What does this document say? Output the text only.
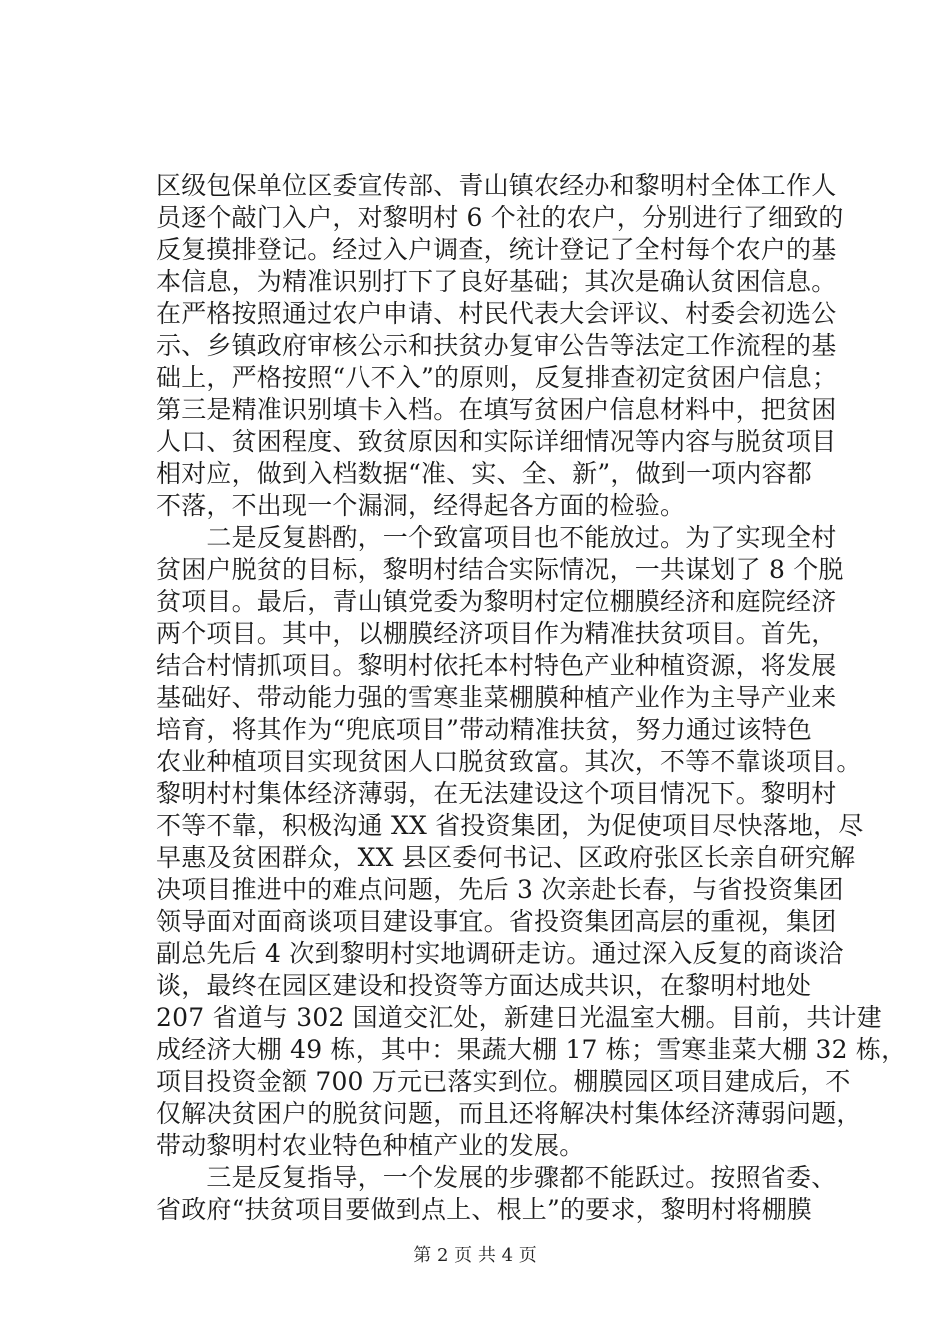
区级包保单位区委宣传部、青山镇农经办和黎明村全体工作人
员逐个敲门入户，对黎明村 6 个社的农户，分别进行了细致的
反复摸排登记。经过入户调查，统计登记了全村每个农户的基
本信息，为精准识别打下了良好基础；其次是确认贫困信息。
在严格按照通过农户申请、村民代表大会评议、村委会初选公
示、乡镇政府审核公示和扶贫办复审公告等法定工作流程的基
础上，严格按照“八不入”的原则，反复排查初定贫困户信息；
第三是精准识别填卡入档。在填写贫困户信息材料中，把贫困
人口、贫困程度、致贫原因和实际详细情况等内容与脱贫项目
相对应，做到入档数据“准、实、全、新”，做到一项内容都
不落，不出现一个漏洞，经得起各方面的检验。
　　二是反复斟酌，一个致富项目也不能放过。为了实现全村
贫困户脱贫的目标，黎明村结合实际情况，一共谋划了 8 个脱
贫项目。最后，青山镇党委为黎明村定位棚膜经济和庭院经济
两个项目。其中，以棚膜经济项目作为精准扶贫项目。首先，
结合村情抓项目。黎明村依托本村特色产业种植资源，将发展
基础好、带动能力强的雪寒韭菜棚膜种植产业作为主导产业来
培育，将其作为“兜底项目”带动精准扶贫，努力通过该特色
农业种植项目实现贫困人口脱贫致富。其次，不等不靠谈项目。
黎明村村集体经济薄弱，在无法建设这个项目情况下。黎明村
不等不靠，积极沟通 XX 省投资集团，为促使项目尽快落地，尽
早惠及贫困群众，XX 县区委何书记、区政府张区长亲自研究解
决项目推进中的难点问题，先后 3 次亲赴长春，与省投资集团
领导面对面商谈项目建设事宜。省投资集团高层的重视，集团
副总先后 4 次到黎明村实地调研走访。通过深入反复的商谈洽
谈，最终在园区建设和投资等方面达成共识，在黎明村地处
207 省道与 302 国道交汇处，新建日光温室大棚。目前，共计建
成经济大棚 49 栋，其中：果蔬大棚 17 栋；雪寒韭菜大棚 32 栋，
项目投资金额 700 万元已落实到位。棚膜园区项目建成后，不
仅解决贫困户的脱贫问题，而且还将解决村集体经济薄弱问题，
带动黎明村农业特色种植产业的发展。
　　三是反复指导，一个发展的步骤都不能跃过。按照省委、
省政府“扶贫项目要做到点上、根上”的要求，黎明村将棚膜
第 2 页 共 4 页
